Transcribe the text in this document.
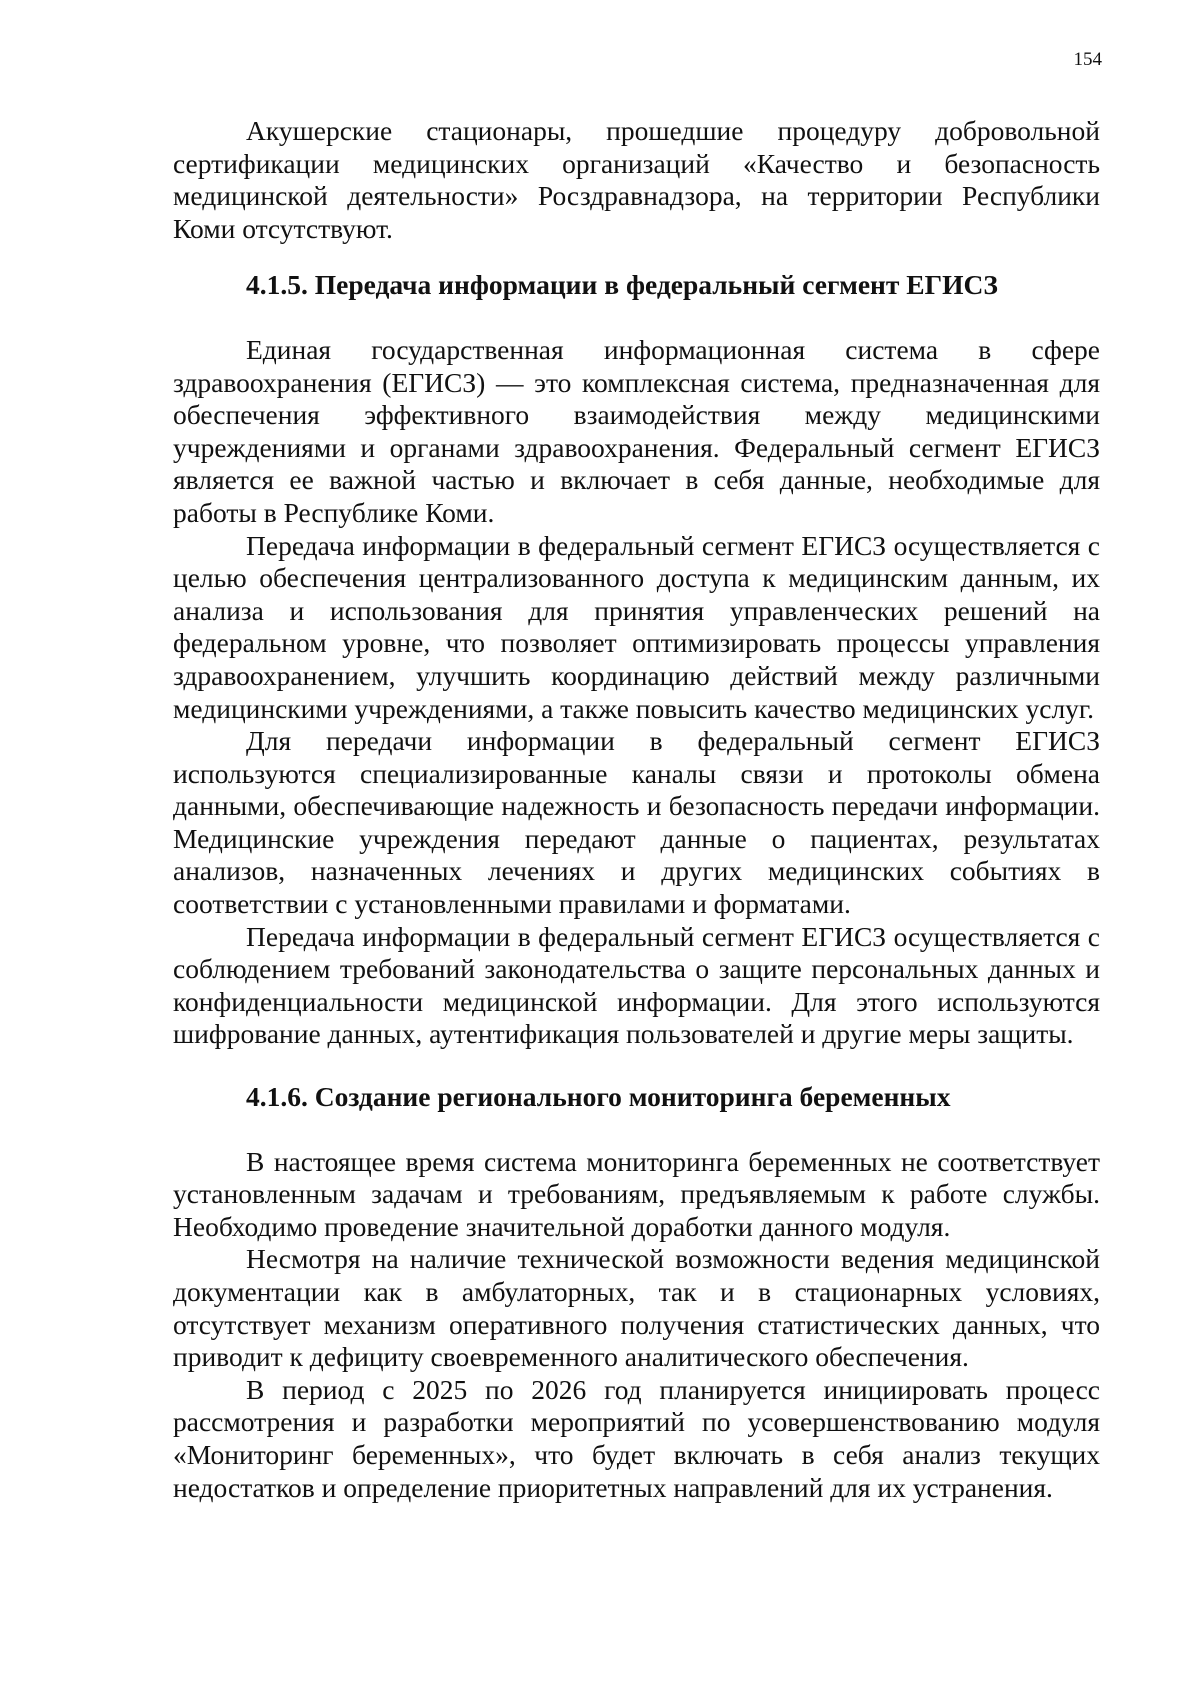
154

Акушерские стационары, прошедшие процедуру добровольной сертификации медицинских организаций «Качество и безопасность медицинской деятельности» Росздравнадзора, на территории Республики Коми отсутствуют.

4.1.5. Передача информации в федеральный сегмент ЕГИСЗ

Единая государственная информационная система в сфере здравоохранения (ЕГИСЗ) — это комплексная система, предназначенная для обеспечения эффективного взаимодействия между медицинскими учреждениями и органами здравоохранения. Федеральный сегмент ЕГИСЗ является ее важной частью и включает в себя данные, необходимые для работы в Республике Коми.

Передача информации в федеральный сегмент ЕГИСЗ осуществляется с целью обеспечения централизованного доступа к медицинским данным, их анализа и использования для принятия управленческих решений на федеральном уровне, что позволяет оптимизировать процессы управления здравоохранением, улучшить координацию действий между различными медицинскими учреждениями, а также повысить качество медицинских услуг.

Для передачи информации в федеральный сегмент ЕГИСЗ используются специализированные каналы связи и протоколы обмена данными, обеспечивающие надежность и безопасность передачи информации. Медицинские учреждения передают данные о пациентах, результатах анализов, назначенных лечениях и других медицинских событиях в соответствии с установленными правилами и форматами.

Передача информации в федеральный сегмент ЕГИСЗ осуществляется с соблюдением требований законодательства о защите персональных данных и конфиденциальности медицинской информации. Для этого используются шифрование данных, аутентификация пользователей и другие меры защиты.

4.1.6. Создание регионального мониторинга беременных

В настоящее время система мониторинга беременных не соответствует установленным задачам и требованиям, предъявляемым к работе службы. Необходимо проведение значительной доработки данного модуля.

Несмотря на наличие технической возможности ведения медицинской документации как в амбулаторных, так и в стационарных условиях, отсутствует механизм оперативного получения статистических данных, что приводит к дефициту своевременного аналитического обеспечения.

В период с 2025 по 2026 год планируется инициировать процесс рассмотрения и разработки мероприятий по усовершенствованию модуля «Мониторинг беременных», что будет включать в себя анализ текущих недостатков и определение приоритетных направлений для их устранения.
